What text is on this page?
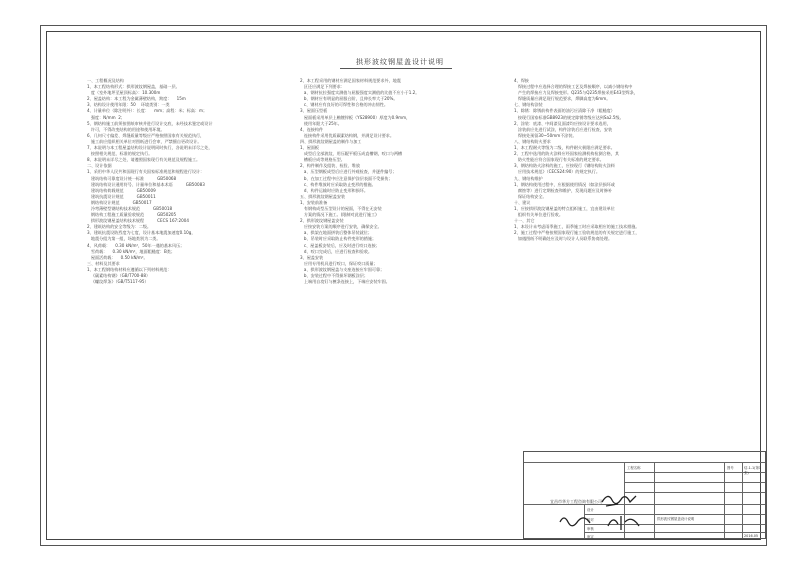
拱形波纹钢屋盖设计说明
一、工程概况及结构
1、本工程结构形式：拱形波纹钢屋盖，基础一层。
度（室外地坪至屋顶标高）：10.300m
2、屋盖结构：本工程为金属薄壁结构，跨度：    15m
3、结构设计使用年限：50    环境类别：一类
4、计量单位（除注明外）：长度：    mm；高程：米；标高：m；
强度：N/mm  2；
5、钢结构施工前须按图纸审核并进行设计交底，未经技术鉴定或设计
许可，不得改变结构的用途和使用环境。
6、几何尺寸偏差、焊缝质量等级应严格按照国家有关规范执行，
施工前应组织相关单位对图纸进行会审，严禁擅自更改设计。
7、本说明与本工程屋盖结构设计说明同时执行，各说明未详尽之处，
按照相关规范、标准的规定执行。
8、本说明未详尽之处，请遵照国家现行有关规范及规程施工。
二、设计依据
1、采用中华人民共和国现行有关国家标准规范和规程进行设计：
建筑结构可靠度设计统一标准          GB50068
建筑结构设计通用符号、计量单位和基本术语          GB50083
建筑结构荷载规范          GB50009
建筑抗震设计规范          GB50011
钢结构设计规范          GB50017
冷弯薄壁型钢结构技术规范          GB50018
钢结构工程施工质量验收规范          GB50205
拱形波纹钢屋盖结构技术规程          CECS 167:2004
2、建筑结构的安全等级为：二级。
3、建筑抗震设防烈度为七度，设计基本地震加速度0.10g，
地震分组为第一组，场地类别为二类。
4、风荷载：    0.30 kN/m²，50年一遇的基本风压；
雪荷载：    0.30 kN/m²，地面粗糙度：B类；
屋面活荷载：    0.50 kN/m²。
三、材料及其要求
1、本工程钢结构材料应遵循以下列材料规范：
《碳素结构钢》（GB/T700-88）
《螺纹焊条》（GB/T5117-95）
2、本工程采用的钢材应满足国家材料规范要求外，地震
区还应满足下列要求：
a、钢材抗拉强度实测值与屈服强度实测值的比值不应小于1.2。
b、钢材应有明显的屈服台阶，且伸长率大于20%。
c、钢材应有良好的可焊性和合格的冲击韧性。
3、屋面压型板
屋面板采用单层上釉镀锌板（YS28900）厚度为0.9mm，
使用年限大于25年。
4、连接构件
连接构件采用优质碳素结构钢，并满足设计要求。
四、拱形波纹钢屋盖的制作与加工
1、屋面板
成型后全部波纹，用压辊平板压成直槽钢，咬口与两槽
槽板应成等规格压型。
2、构件制作及组装、检验、堆放
a、压型钢板成型后应进行外观检查，并逐件编号；
b、在加工过程中应注意保护涂层表面不受损伤；
c、构件堆放时应采取防止变形的措施。
d、构件运输时应防止变形和损坏。
五、拱形波纹钢屋盖安装
1、安装前准备
有钢构成型压型设计的屋面，不得在无安装
方案的情况下施工。(限制对此进行施工)
2、拱形波纹钢屋盖安装
应按安装方案的顺序进行安装，确保安全。
a、拱架在地面拼装后整体吊装就位；
b、吊装时应采取防止构件变形的措施；
c、屋盖板安装后，应及时进行咬口连接；
d、咬口完成后，应进行检查和验收。
3、屋盖安装
应用专用机具进行咬口，保证咬口质量；
a、拱形波纹钢屋盖与支座连接应牢固可靠；
b、安装过程中不得损坏钢板涂层；
上端用自攻钉与檩条连接上，下端应安装牢固。
4、焊接
焊接过程中应选择合理的焊接工艺及焊接顺序，以减小钢结构中
产生的焊接应力及焊接变形。Q235与Q235焊接采用E43型焊条，
焊缝质量应满足现行规范要求，焊脚高度为6mm。
七、钢结构涂装
1、除锈：除锈前构件表面的油污应清除干净（粗糙度）
按现行国家标准GB8923的规定除锈等级应达到Sa2.5级。
2、涂装：底漆、中间漆及面漆均应按设计要求选用，
涂装前应先进行试涂，构件涂装后应进行检查，安装
焊接处预留30~50mm不涂装。
八、钢结构防火要求
1、本工程耐火等级为二级，构件耐火极限应满足要求。
2、工程中选用的防火涂料应经国家检测机构检测合格，其
防火性能应符合国家现行有关标准的规定要求。
3、钢结构防火涂料的施工，应按现行《钢结构防火涂料
应用技术规范》（CECS24:90）的规定执行。
九、钢结构维护
1、钢结构使用过程中，应根据使用情况（如涂层损坏或
腐蚀等）进行定期检查和维护，发现问题应及时修补
保证结构安全。
十、建议
1、应按拱形波纹钢屋盖的特点组织施工，宜由建设单位
组织有关单位进行验收。
十一、其它
1、本设计未考虑雨季施工，雨季施工时应采取相应的施工技术措施。
2、施工过程中严格按照国家现行施工验收规范的有关规定进行施工，
如遇图纸不明确处应及时与设计人员联系协商处理。
宜昌市华方工程咨询有限公司
设计
校对
审核
审定
工程名称
拱形波纹钢屋盖设计说明
图号	结-1-1(第1张)
2016.05
